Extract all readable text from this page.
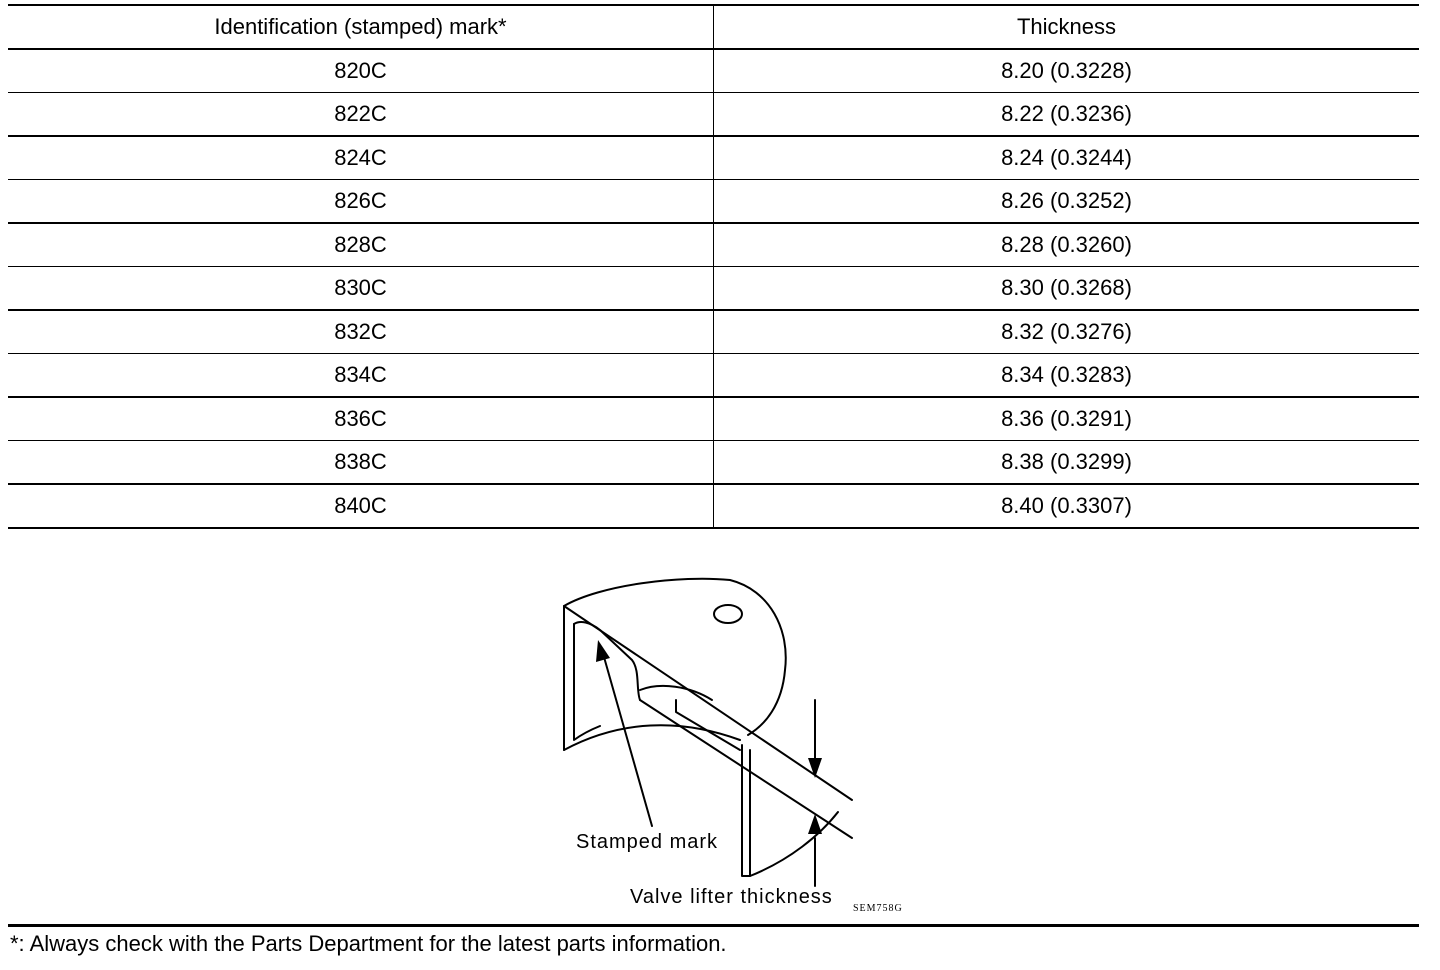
Identification (stamped) mark*	Thickness
820C	8.20 (0.3228)
822C	8.22 (0.3236)
824C	8.24 (0.3244)
826C	8.26 (0.3252)
828C	8.28 (0.3260)
830C	8.30 (0.3268)
832C	8.32 (0.3276)
834C	8.34 (0.3283)
836C	8.36 (0.3291)
838C	8.38 (0.3299)
840C	8.40 (0.3307)
Stamped mark
Valve lifter thickness
SEM758G
*: Always check with the Parts Department for the latest parts information.
